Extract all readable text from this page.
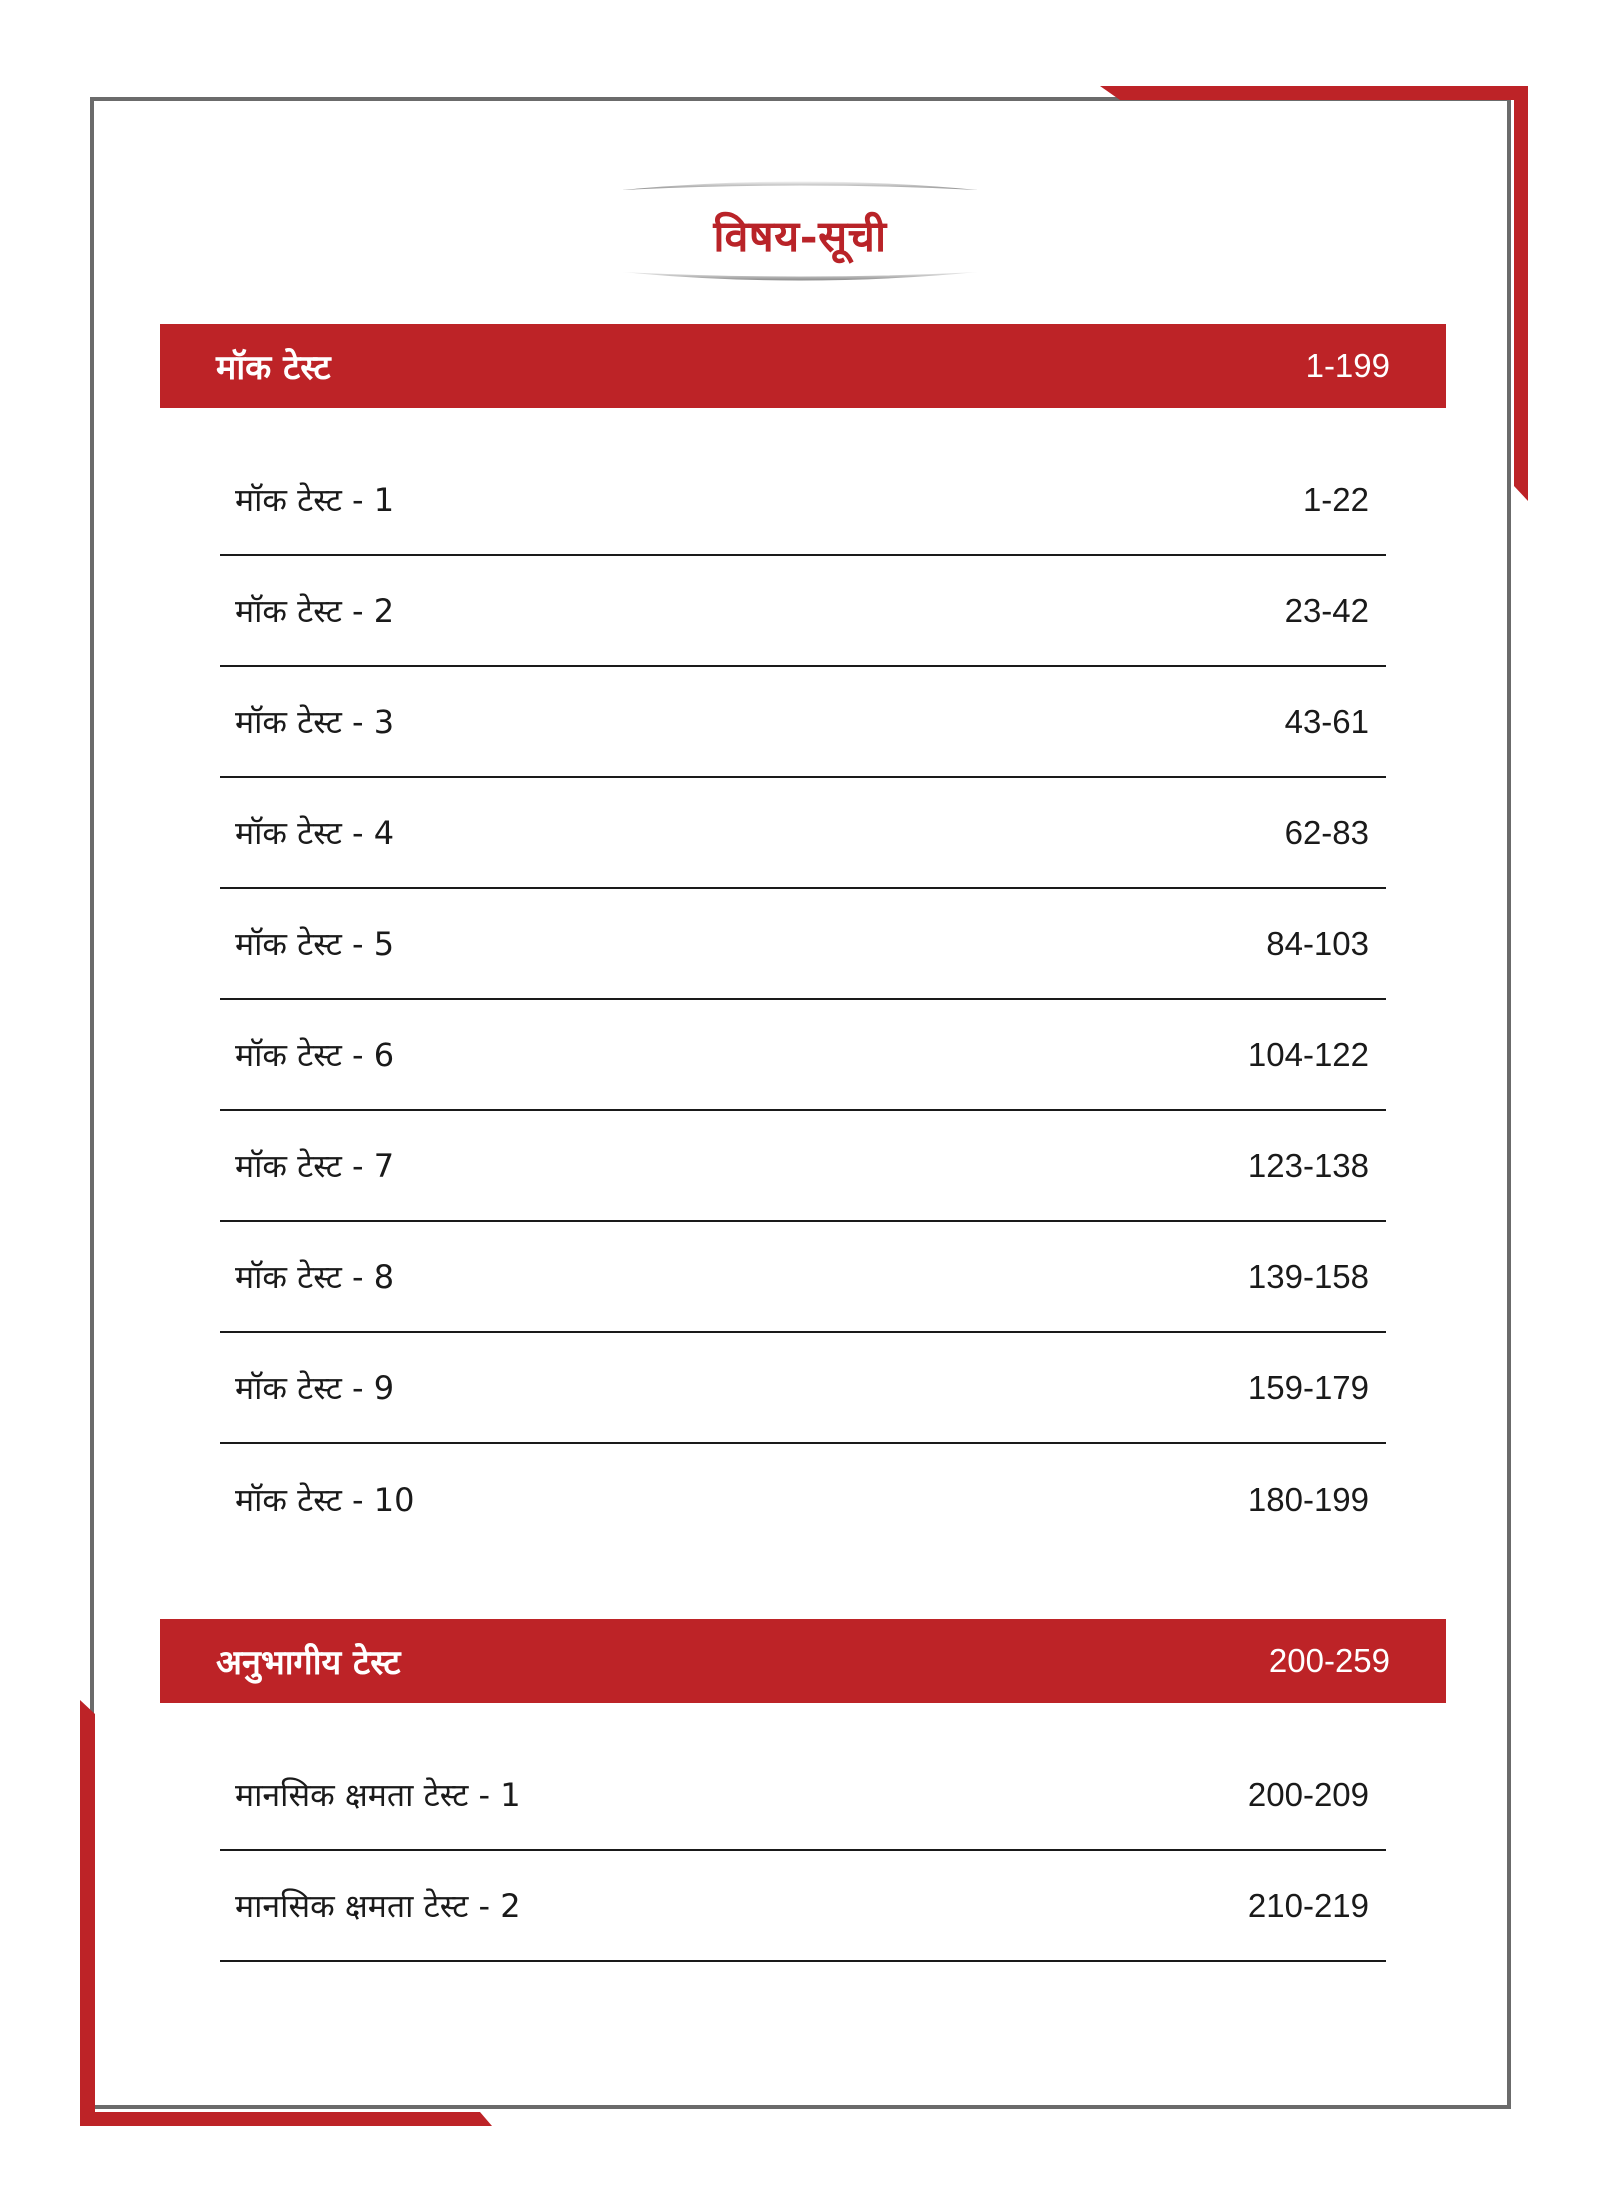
विषय-सूची
मॉक टेस्ट	1-199
मॉक टेस्ट - 1	1-22
मॉक टेस्ट - 2	23-42
मॉक टेस्ट - 3	43-61
मॉक टेस्ट - 4	62-83
मॉक टेस्ट - 5	84-103
मॉक टेस्ट - 6	104-122
मॉक टेस्ट - 7	123-138
मॉक टेस्ट - 8	139-158
मॉक टेस्ट - 9	159-179
मॉक टेस्ट - 10	180-199
अनुभागीय टेस्ट	200-259
मानसिक क्षमता टेस्ट - 1	200-209
मानसिक क्षमता टेस्ट - 2	210-219
